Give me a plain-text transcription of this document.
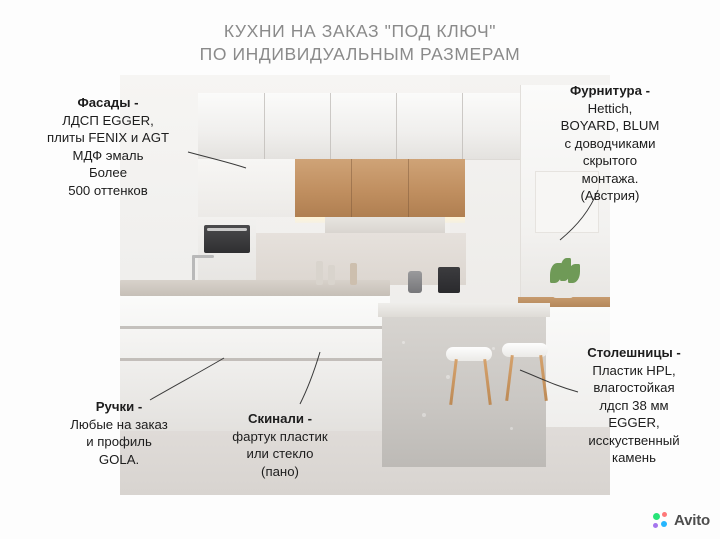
КУХНИ НА ЗАКАЗ "ПОД КЛЮЧ"
ПО ИНДИВИДУАЛЬНЫМ РАЗМЕРАМ
Фасады -
ЛДСП EGGER,
плиты FENIX и AGT
МДФ эмаль
Более
500 оттенков
Фурнитура -
Hettich,
BOYARD, BLUM
с доводчиками
скрытого
монтажа.
(Австрия)
Столешницы -
Пластик HPL,
влагостойкая
лдсп 38 мм
EGGER,
исскуственный
камень
Скинали -
фартук пластик
или стекло
(пано)
Ручки -
Любые на заказ
и профиль
GOLA.
Avito
